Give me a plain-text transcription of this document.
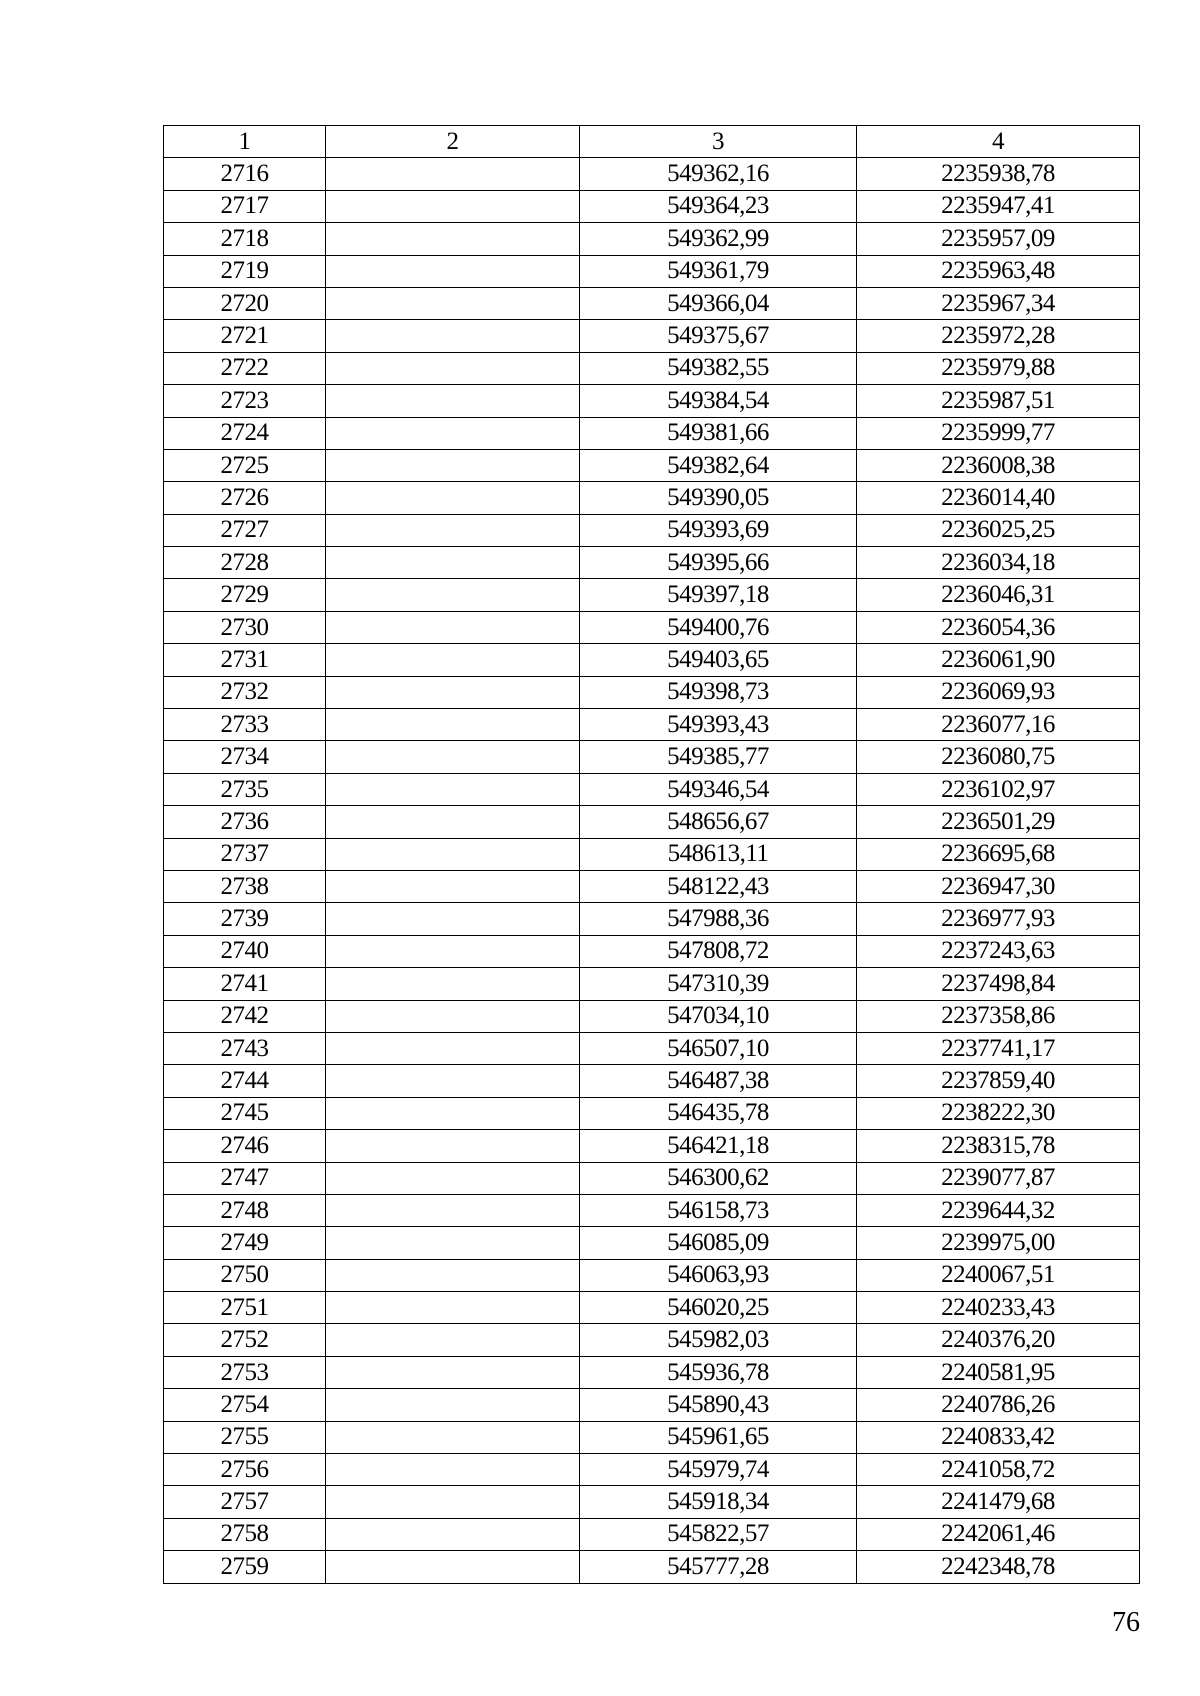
1	2	3	4
2716		549362,16	2235938,78
2717		549364,23	2235947,41
2718		549362,99	2235957,09
2719		549361,79	2235963,48
2720		549366,04	2235967,34
2721		549375,67	2235972,28
2722		549382,55	2235979,88
2723		549384,54	2235987,51
2724		549381,66	2235999,77
2725		549382,64	2236008,38
2726		549390,05	2236014,40
2727		549393,69	2236025,25
2728		549395,66	2236034,18
2729		549397,18	2236046,31
2730		549400,76	2236054,36
2731		549403,65	2236061,90
2732		549398,73	2236069,93
2733		549393,43	2236077,16
2734		549385,77	2236080,75
2735		549346,54	2236102,97
2736		548656,67	2236501,29
2737		548613,11	2236695,68
2738		548122,43	2236947,30
2739		547988,36	2236977,93
2740		547808,72	2237243,63
2741		547310,39	2237498,84
2742		547034,10	2237358,86
2743		546507,10	2237741,17
2744		546487,38	2237859,40
2745		546435,78	2238222,30
2746		546421,18	2238315,78
2747		546300,62	2239077,87
2748		546158,73	2239644,32
2749		546085,09	2239975,00
2750		546063,93	2240067,51
2751		546020,25	2240233,43
2752		545982,03	2240376,20
2753		545936,78	2240581,95
2754		545890,43	2240786,26
2755		545961,65	2240833,42
2756		545979,74	2241058,72
2757		545918,34	2241479,68
2758		545822,57	2242061,46
2759		545777,28	2242348,78
76
